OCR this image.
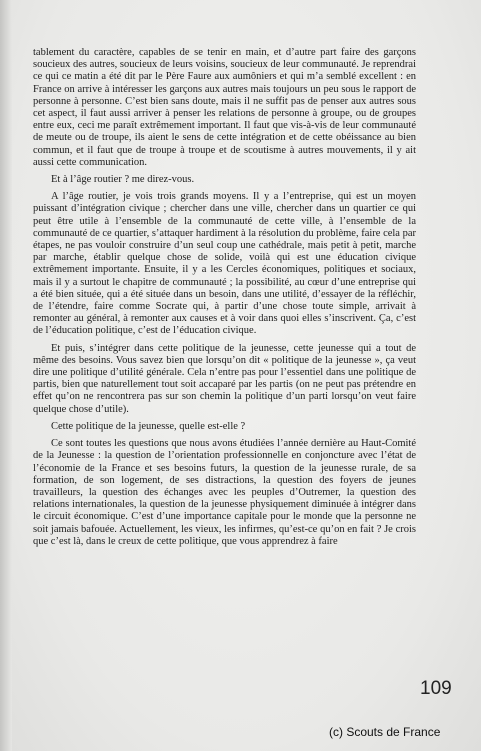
tablement du caractère, capables de se tenir en main, et d’autre part faire des garçons soucieux des autres, soucieux de leurs voisins, soucieux de leur communauté. Je reprendrai ce qui ce matin a été dit par le Père Faure aux aumôniers et qui m’a semblé excellent : en France on arrive à intéresser les garçons aux autres mais toujours un peu sous le rapport de personne à personne. C’est bien sans doute, mais il ne suffit pas de penser aux autres sous cet aspect, il faut aussi arriver à penser les relations de personne à groupe, ou de groupes entre eux, ceci me paraît extrêmement important. Il faut que vis-à-vis de leur communauté de meute ou de troupe, ils aient le sens de cette intégration et de cette obéissance au bien commun, et il faut que de troupe à troupe et de scoutisme à autres mouvements, il y ait aussi cette communication.

Et à l’âge routier ? me direz-vous.

A l’âge routier, je vois trois grands moyens. Il y a l’entreprise, qui est un moyen puissant d’intégration civique ; chercher dans une ville, chercher dans un quartier ce qui peut être utile à l’ensemble de la communauté de cette ville, à l’ensemble de la communauté de ce quartier, s’attaquer hardiment à la résolution du problème, faire cela par étapes, ne pas vouloir construire d’un seul coup une cathédrale, mais petit à petit, marche par marche, établir quelque chose de solide, voilà qui est une éducation civique extrêmement importante. Ensuite, il y a les Cercles économiques, politiques et sociaux, mais il y a surtout le chapitre de communauté ; la possibilité, au cœur d’une entreprise qui a été bien située, qui a été située dans un besoin, dans une utilité, d’essayer de la réfléchir, de l’étendre, faire comme Socrate qui, à partir d’une chose toute simple, arrivait à remonter au général, à remonter aux causes et à voir dans quoi elles s’inscrivent. Ça, c’est de l’éducation politique, c’est de l’éducation civique.

Et puis, s’intégrer dans cette politique de la jeunesse, cette jeunesse qui a tout de même des besoins. Vous savez bien que lorsqu’on dit « politique de la jeunesse », ça veut dire une politique d’utilité générale. Cela n’entre pas pour l’essentiel dans une politique de partis, bien que naturellement tout soit accaparé par les partis (on ne peut pas prétendre en effet qu’on ne rencontrera pas sur son chemin la politique d’un parti lorsqu’on veut faire quelque chose d’utile).

Cette politique de la jeunesse, quelle est-elle ?

Ce sont toutes les questions que nous avons étudiées l’année dernière au Haut-Comité de la Jeunesse : la question de l’orientation professionnelle en conjoncture avec l’état de l’économie de la France et ses besoins futurs, la question de la jeunesse rurale, de sa formation, de son logement, de ses distractions, la question des foyers de jeunes travailleurs, la question des échanges avec les peuples d’Outremer, la question des relations internationales, la question de la jeunesse physiquement diminuée à intégrer dans le circuit économique. C’est d’une importance capitale pour le monde que la personne ne soit jamais bafouée. Actuellement, les vieux, les infirmes, qu’est-ce qu’on en fait ? Je crois que c’est là, dans le creux de cette politique, que vous apprendrez à faire

109
(c) Scouts de France
